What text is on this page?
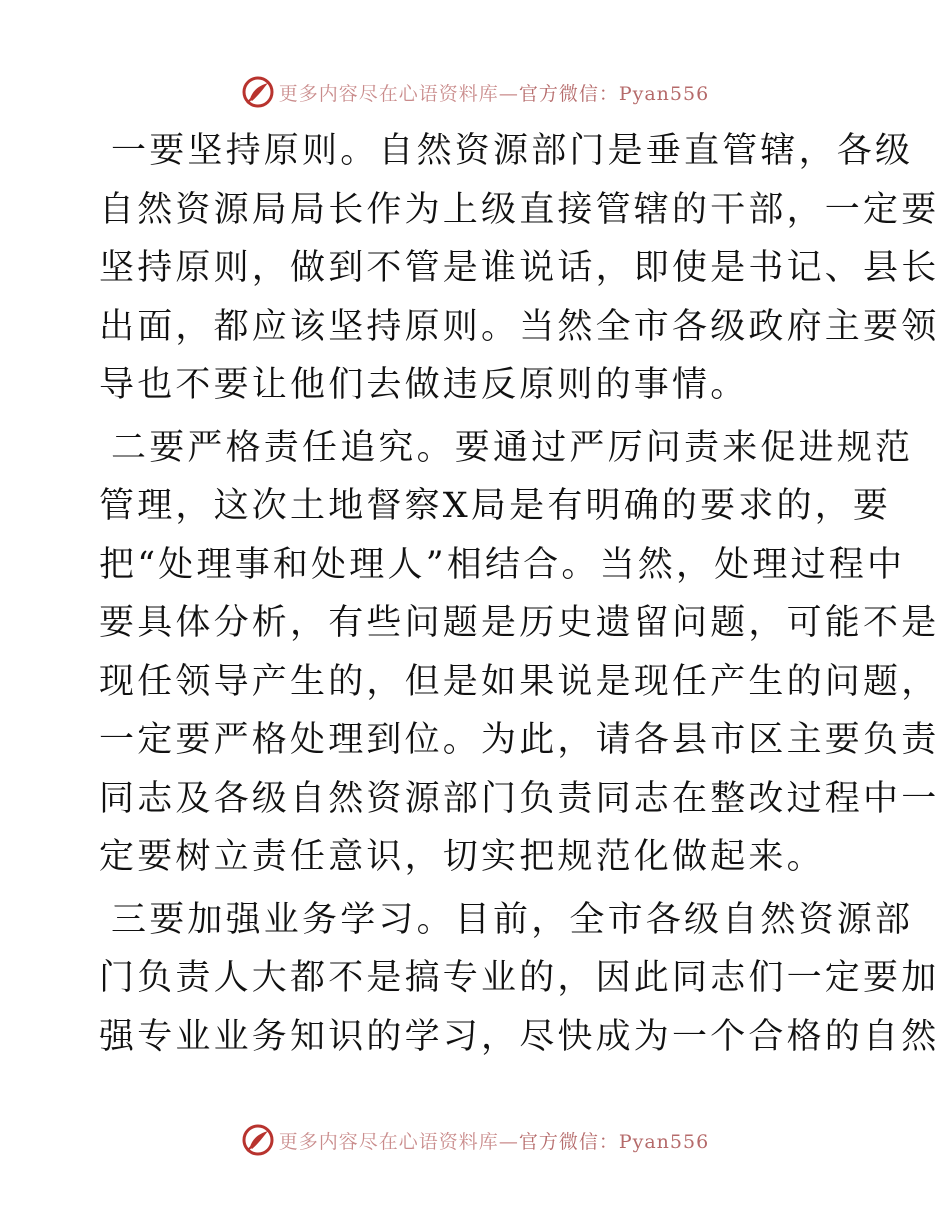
更多内容尽在心语资料库—官方微信：Pyan556
一要坚持原则。自然资源部门是垂直管辖，各级
自然资源局局长作为上级直接管辖的干部，一定要
坚持原则，做到不管是谁说话，即使是书记、县长
出面，都应该坚持原则。当然全市各级政府主要领
导也不要让他们去做违反原则的事情。
二要严格责任追究。要通过严厉问责来促进规范
管理，这次土地督察X局是有明确的要求的，要
把“处理事和处理人”相结合。当然，处理过程中
要具体分析，有些问题是历史遗留问题，可能不是
现任领导产生的，但是如果说是现任产生的问题，
一定要严格处理到位。为此，请各县市区主要负责
同志及各级自然资源部门负责同志在整改过程中一
定要树立责任意识，切实把规范化做起来。
三要加强业务学习。目前，全市各级自然资源部
门负责人大都不是搞专业的，因此同志们一定要加
强专业业务知识的学习，尽快成为一个合格的自然
更多内容尽在心语资料库—官方微信：Pyan556
